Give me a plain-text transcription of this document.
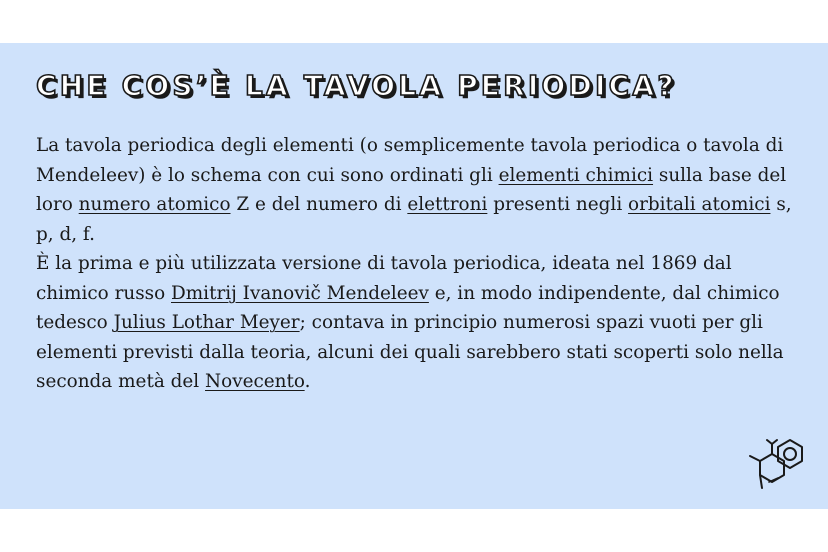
CHE COS’È LA TAVOLA PERIODICA?

La tavola periodica degli elementi (o semplicemente tavola periodica o tavola di Mendeleev) è lo schema con cui sono ordinati gli elementi chimici sulla base del loro numero atomico Z e del numero di elettroni presenti negli orbitali atomici s, p, d, f.

È la prima e più utilizzata versione di tavola periodica, ideata nel 1869 dal chimico russo Dmitrij Ivanovič Mendeleev e, in modo indipendente, dal chimico tedesco Julius Lothar Meyer; contava in principio numerosi spazi vuoti per gli elementi previsti dalla teoria, alcuni dei quali sarebbero stati scoperti solo nella seconda metà del Novecento.
